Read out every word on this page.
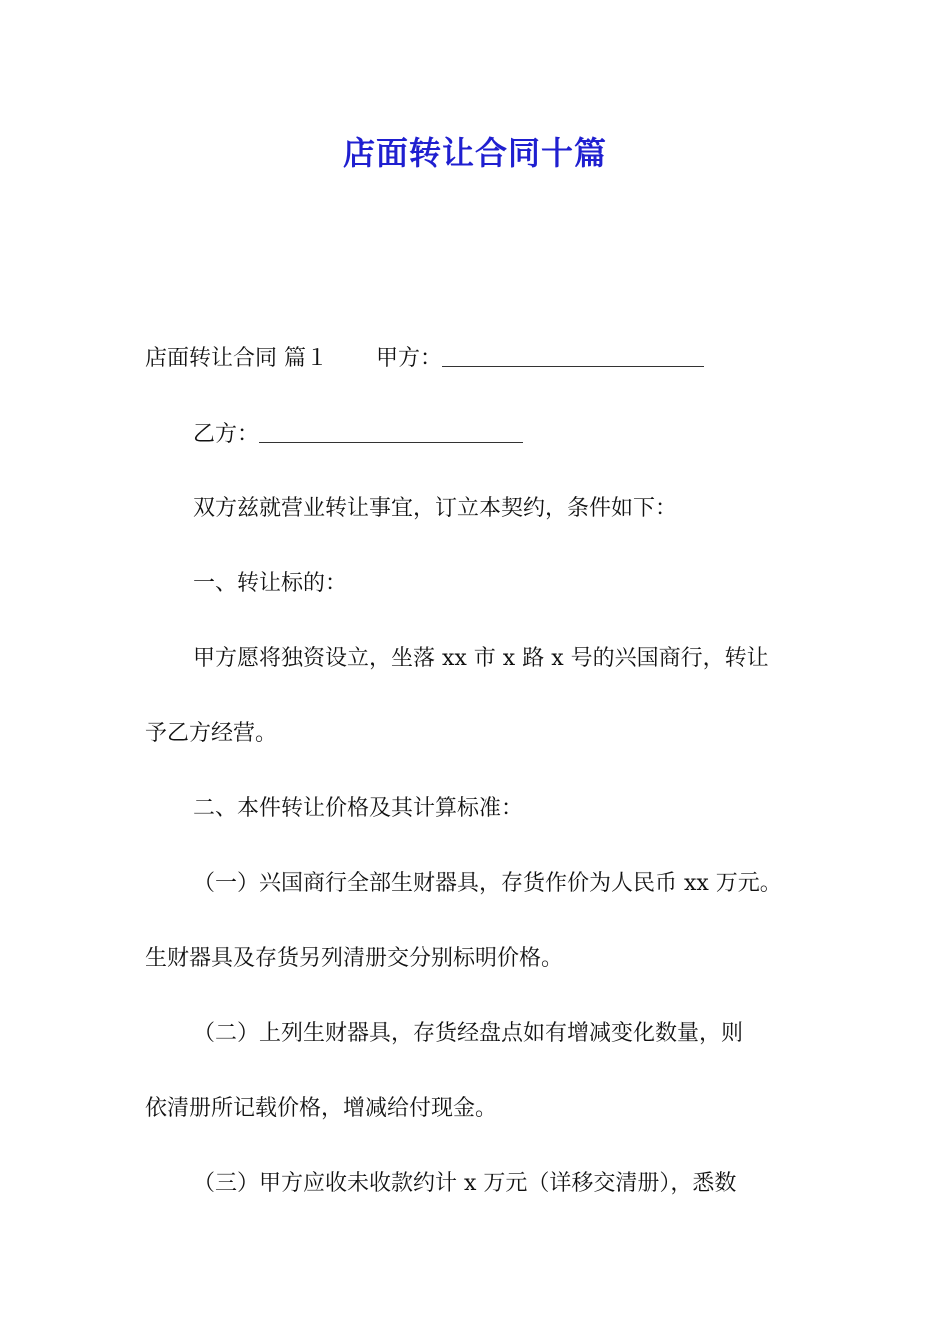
店面转让合同十篇
店面转让合同 篇１ 甲方：
乙方：
双方兹就营业转让事宜，订立本契约，条件如下：
一、转让标的：
甲方愿将独资设立，坐落 xx 市 x 路 x 号的兴国商行，转让
予乙方经营。
二、本件转让价格及其计算标准：
（一）兴国商行全部生财器具，存货作价为人民币 xx 万元。
生财器具及存货另列清册交分别标明价格。
（二）上列生财器具，存货经盘点如有增减变化数量，则
依清册所记载价格，增减给付现金。
（三）甲方应收未收款约计 x 万元（详移交清册），悉数
